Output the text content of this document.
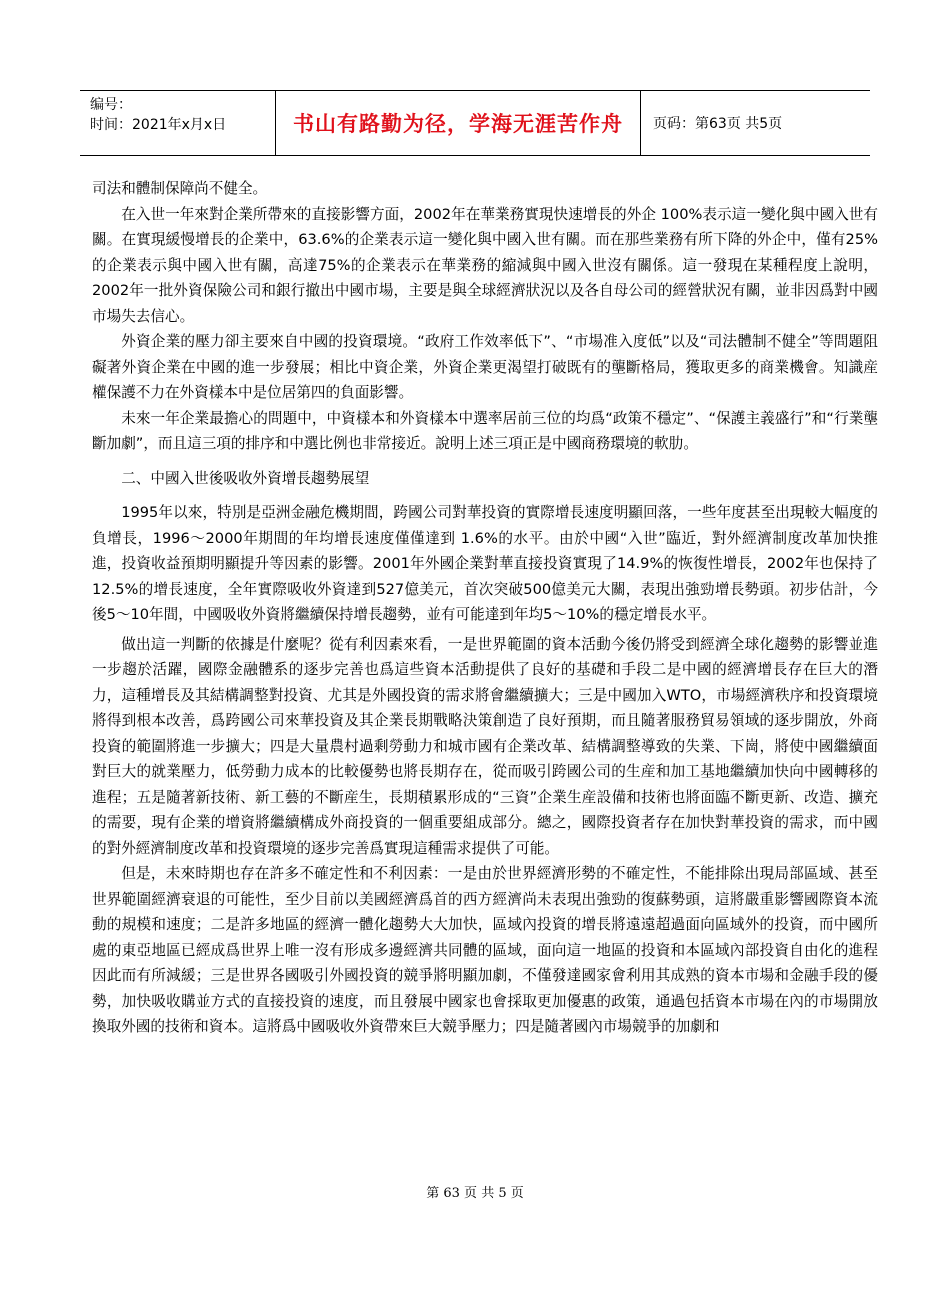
编号：
时间：2021年x月x日	书山有路勤为径，学海无涯苦作舟	页码：第63页 共5页

司法和體制保障尚不健全。

在入世一年來對企業所帶來的直接影響方面，2002年在華業務實現快速增長的外企 100%表示這一變化與中國入世有關。在實現緩慢增長的企業中，63.6%的企業表示這一變化與中國入世有關。而在那些業務有所下降的外企中，僅有25%的企業表示與中國入世有關，高達75%的企業表示在華業務的縮減與中國入世沒有關係。這一發現在某種程度上說明，2002年一批外資保險公司和銀行撤出中國市場，主要是與全球經濟狀況以及各自母公司的經營狀況有關，並非因爲對中國市場失去信心。

外資企業的壓力卻主要來自中國的投資環境。“政府工作效率低下”、“市場准入度低”以及“司法體制不健全”等問題阻礙著外資企業在中國的進一步發展；相比中資企業，外資企業更渴望打破既有的壟斷格局，獲取更多的商業機會。知識産權保護不力在外資樣本中是位居第四的負面影響。

未來一年企業最擔心的問題中，中資樣本和外資樣本中選率居前三位的均爲“政策不穩定”、“保護主義盛行”和“行業壟斷加劇”，而且這三項的排序和中選比例也非常接近。說明上述三項正是中國商務環境的軟肋。

二、中國入世後吸收外資增長趨勢展望

1995年以來，特別是亞洲金融危機期間，跨國公司對華投資的實際增長速度明顯回落，一些年度甚至出現較大幅度的負增長，1996～2000年期間的年均增長速度僅僅達到 1.6%的水平。由於中國“入世”臨近，對外經濟制度改革加快推進，投資收益預期明顯提升等因素的影響。2001年外國企業對華直接投資實現了14.9%的恢復性增長，2002年也保持了12.5%的增長速度，全年實際吸收外資達到527億美元，首次突破500億美元大關，表現出強勁增長勢頭。初步估計，今後5～10年間，中國吸收外資將繼續保持增長趨勢，並有可能達到年均5～10%的穩定增長水平。

做出這一判斷的依據是什麼呢？從有利因素來看，一是世界範圍的資本活動今後仍將受到經濟全球化趨勢的影響並進一步趨於活躍，國際金融體系的逐步完善也爲這些資本活動提供了良好的基礎和手段二是中國的經濟增長存在巨大的潛力，這種增長及其結構調整對投資、尤其是外國投資的需求將會繼續擴大；三是中國加入WTO，市場經濟秩序和投資環境將得到根本改善，爲跨國公司來華投資及其企業長期戰略決策創造了良好預期，而且隨著服務貿易領域的逐步開放，外商投資的範圍將進一步擴大；四是大量農村過剩勞動力和城市國有企業改革、結構調整導致的失業、下崗，將使中國繼續面對巨大的就業壓力，低勞動力成本的比較優勢也將長期存在，從而吸引跨國公司的生産和加工基地繼續加快向中國轉移的進程；五是隨著新技術、新工藝的不斷産生，長期積累形成的“三資”企業生産設備和技術也將面臨不斷更新、改造、擴充的需要，現有企業的增資將繼續構成外商投資的一個重要組成部分。總之，國際投資者存在加快對華投資的需求，而中國的對外經濟制度改革和投資環境的逐步完善爲實現這種需求提供了可能。

但是，未來時期也存在許多不確定性和不利因素：一是由於世界經濟形勢的不確定性，不能排除出現局部區域、甚至世界範圍經濟衰退的可能性，至少目前以美國經濟爲首的西方經濟尚未表現出強勁的復蘇勢頭，這將嚴重影響國際資本流動的規模和速度；二是許多地區的經濟一體化趨勢大大加快，區域內投資的增長將遠遠超過面向區域外的投資，而中國所處的東亞地區已經成爲世界上唯一沒有形成多邊經濟共同體的區域，面向這一地區的投資和本區域內部投資自由化的進程因此而有所減緩；三是世界各國吸引外國投資的競爭將明顯加劇，不僅發達國家會利用其成熟的資本市場和金融手段的優勢，加快吸收購並方式的直接投資的速度，而且發展中國家也會採取更加優惠的政策，通過包括資本市場在內的市場開放換取外國的技術和資本。這將爲中國吸收外資帶來巨大競爭壓力；四是隨著國內市場競爭的加劇和

第 63 页 共 5 页
